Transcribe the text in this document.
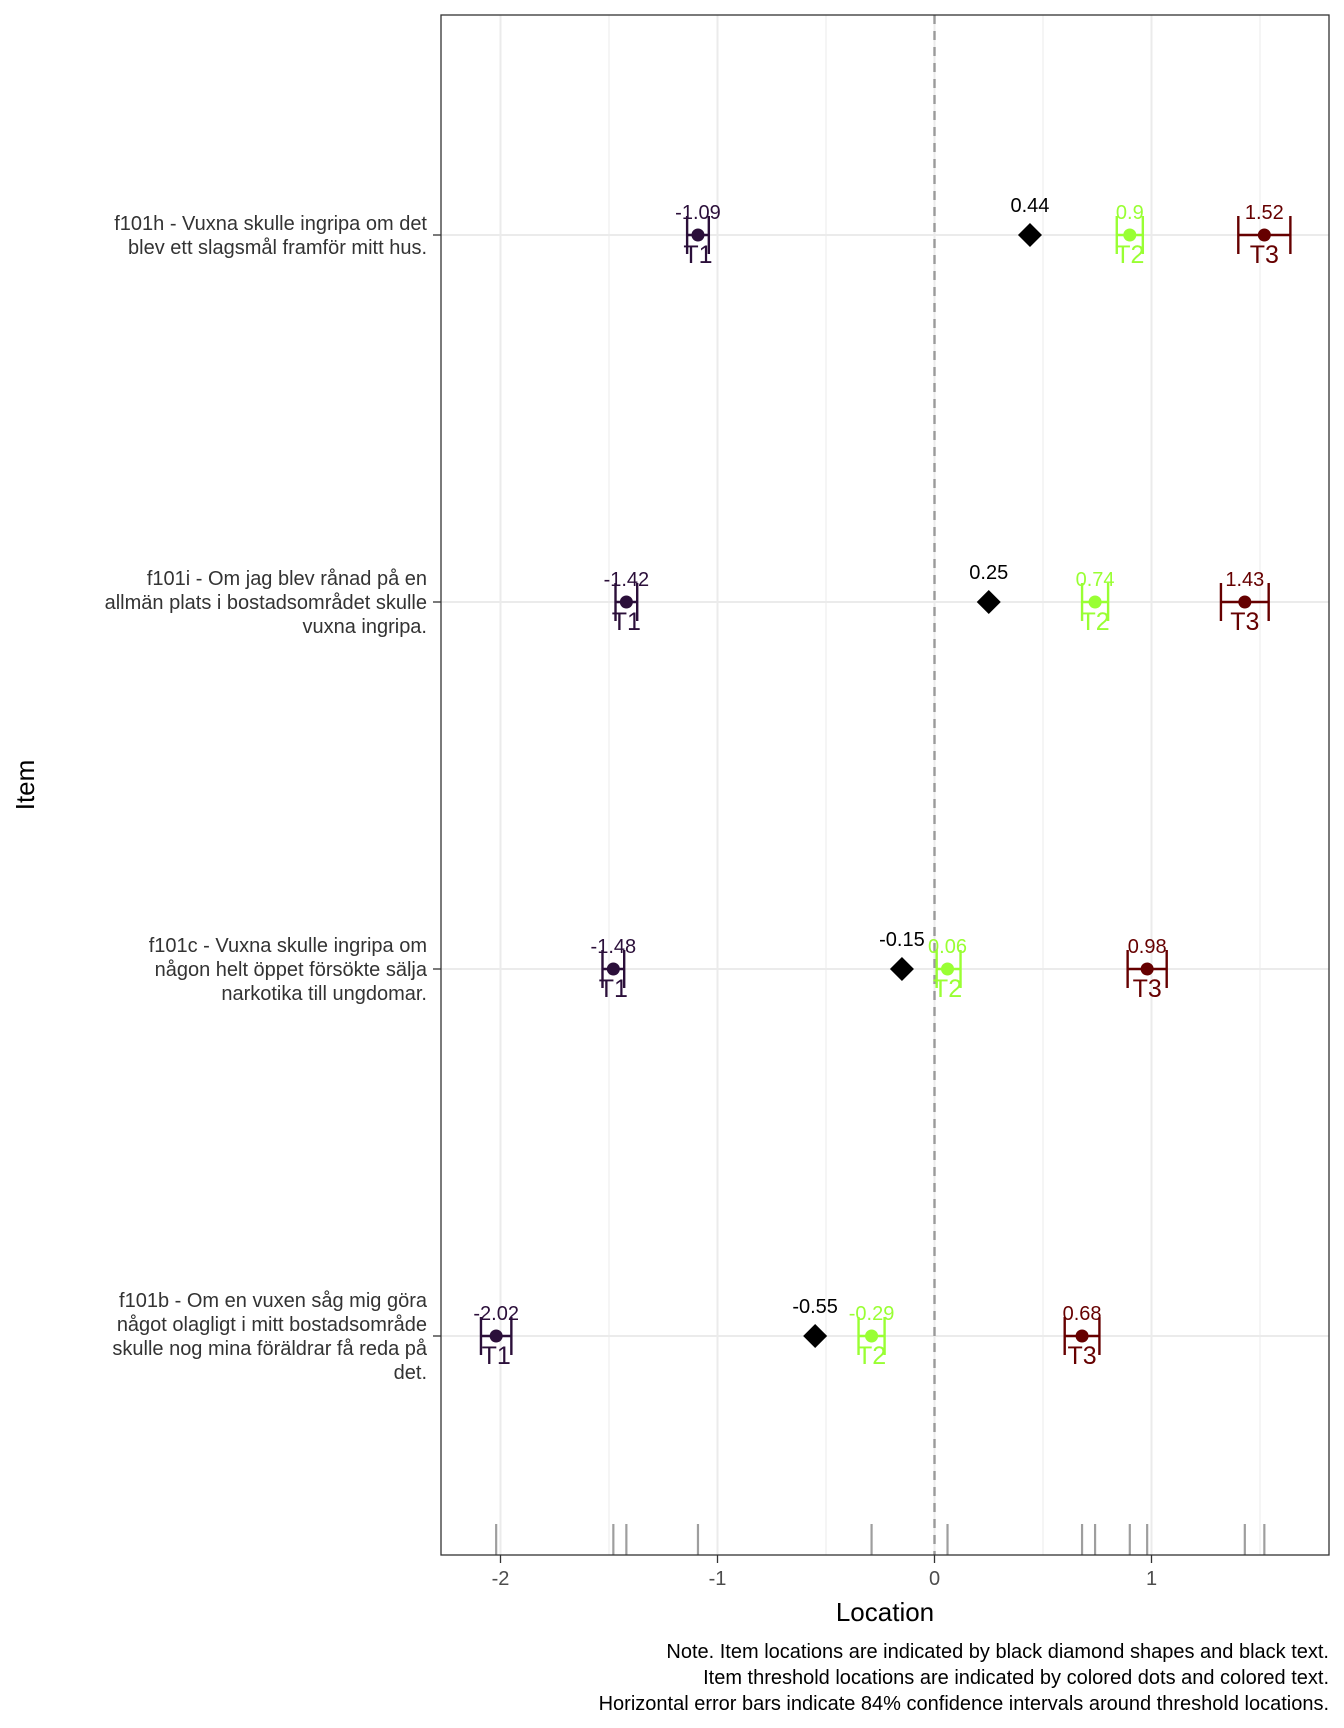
0.44
-1.09
T1
0.9
T2
1.52
T3
0.25
-1.42
T1
0.74
T2
1.43
T3
-0.15
-1.48
T1
0.06
T2
0.98
T3
-0.55
-2.02
T1
-0.29
T2
0.68
T3
f101h - Vuxna skulle ingripa om det blev ett slagsmål framför mitt hus.
f101i - Om jag blev rånad på en allmän plats i bostadsområdet skulle vuxna ingripa.
f101c - Vuxna skulle ingripa om någon helt öppet försökte sälja narkotika till ungdomar.
f101b - Om en vuxen såg mig göra något olagligt i mitt bostadsområde skulle nog mina föräldrar få reda på det.
-2	-1	0	1
Location
Item
Note. Item locations are indicated by black diamond shapes and black text.
Item threshold locations are indicated by colored dots and colored text.
Horizontal error bars indicate 84% confidence intervals around threshold locations.
